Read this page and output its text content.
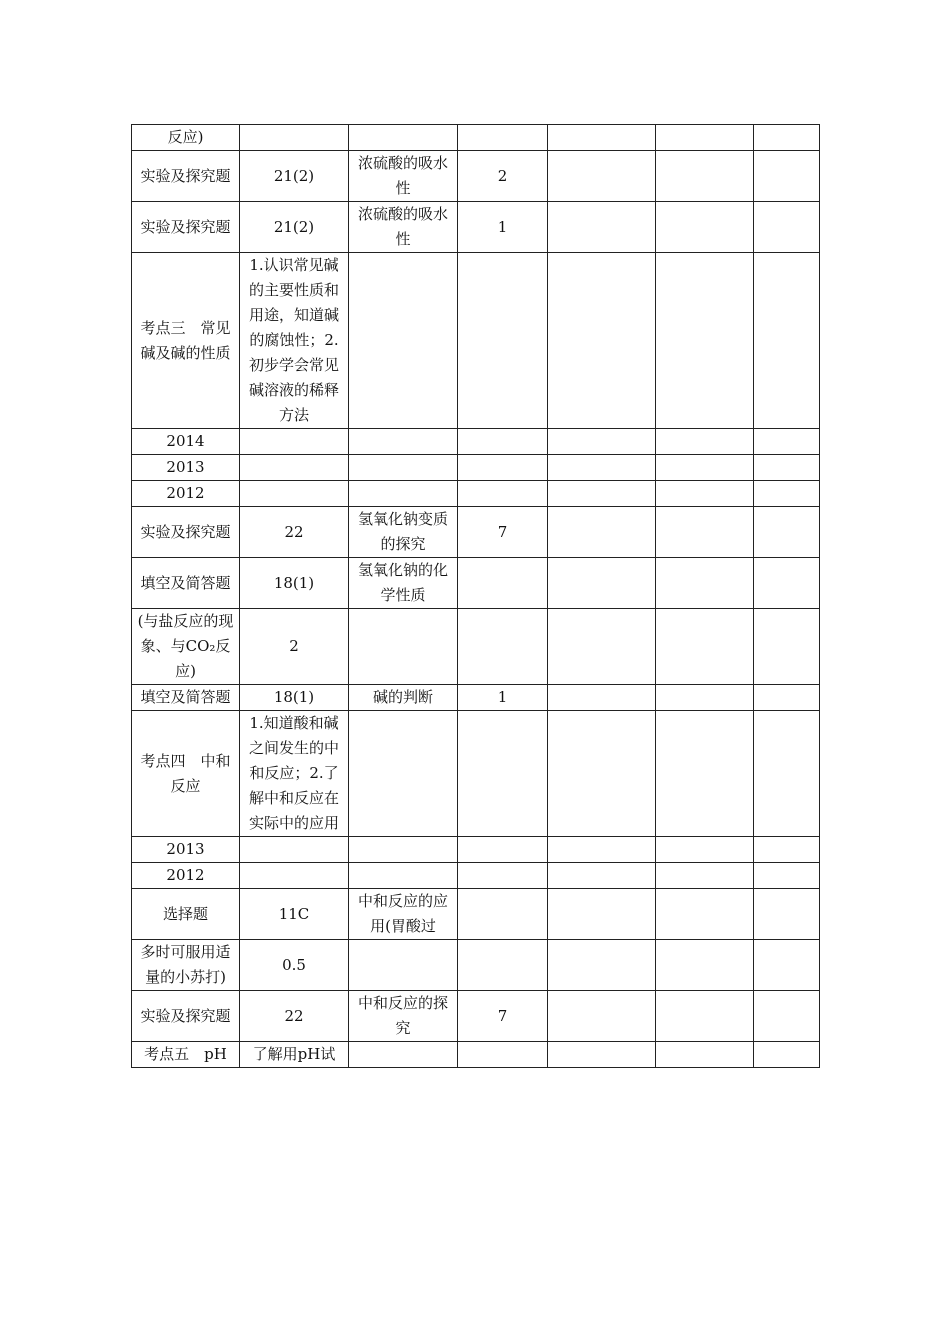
反应)						
实验及探究题	21(2)	浓硫酸的吸水性	2			
实验及探究题	21(2)	浓硫酸的吸水性	1			
考点三　常见碱及碱的性质	1.认识常见碱的主要性质和用途，知道碱的腐蚀性；2.初步学会常见碱溶液的稀释方法					
2014						
2013						
2012						
实验及探究题	22	氢氧化钠变质的探究	7			
填空及简答题	18(1)	氢氧化钠的化学性质				
(与盐反应的现象、与CO₂反应)	2					
填空及简答题	18(1)	碱的判断	1			
考点四　中和反应	1.知道酸和碱之间发生的中和反应；2.了解中和反应在实际中的应用					
2013						
2012						
选择题	11C	中和反应的应用(胃酸过				
多时可服用适量的小苏打)	0.5					
实验及探究题	22	中和反应的探究	7			
考点五　pH	了解用pH试					
